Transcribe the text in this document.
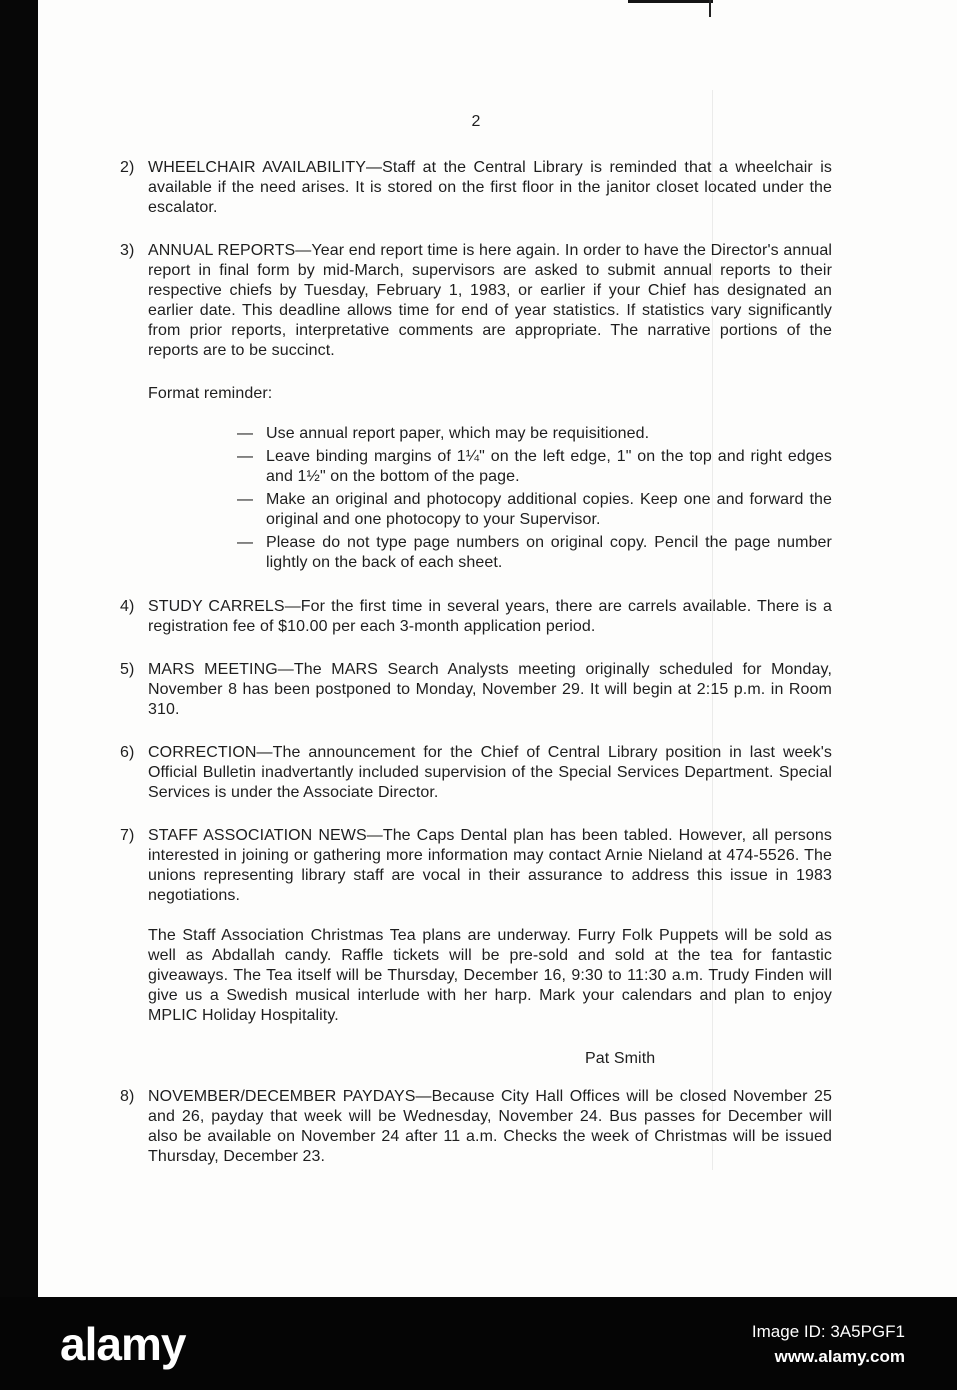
2
2) WHEELCHAIR AVAILABILITY—Staff at the Central Library is reminded that a wheelchair is available if the need arises. It is stored on the first floor in the janitor closet located under the escalator.
3) ANNUAL REPORTS—Year end report time is here again. In order to have the Director's annual report in final form by mid-March, supervisors are asked to submit annual reports to their respective chiefs by Tuesday, February 1, 1983, or earlier if your Chief has designated an earlier date. This deadline allows time for end of year statistics. If statistics vary significantly from prior reports, interpretative comments are appropriate. The narrative portions of the reports are to be succinct.

Format reminder:

— Use annual report paper, which may be requisitioned.
— Leave binding margins of 1¼" on the left edge, 1" on the top and right edges and 1½" on the bottom of the page.
— Make an original and photocopy additional copies. Keep one and forward the original and one photocopy to your Supervisor.
— Please do not type page numbers on original copy. Pencil the page number lightly on the back of each sheet.
4) STUDY CARRELS—For the first time in several years, there are carrels available. There is a registration fee of $10.00 per each 3-month application period.
5) MARS MEETING—The MARS Search Analysts meeting originally scheduled for Monday, November 8 has been postponed to Monday, November 29. It will begin at 2:15 p.m. in Room 310.
6) CORRECTION—The announcement for the Chief of Central Library position in last week's Official Bulletin inadvertantly included supervision of the Special Services Department. Special Services is under the Associate Director.
7) STAFF ASSOCIATION NEWS—The Caps Dental plan has been tabled. However, all persons interested in joining or gathering more information may contact Arnie Nieland at 474-5526. The unions representing library staff are vocal in their assurance to address this issue in 1983 negotiations.

The Staff Association Christmas Tea plans are underway. Furry Folk Puppets will be sold as well as Abdallah candy. Raffle tickets will be pre-sold and sold at the tea for fantastic giveaways. The Tea itself will be Thursday, December 16, 9:30 to 11:30 a.m. Trudy Finden will give us a Swedish musical interlude with her harp. Mark your calendars and plan to enjoy MPLIC Holiday Hospitality.

Pat Smith
8) NOVEMBER/DECEMBER PAYDAYS—Because City Hall Offices will be closed November 25 and 26, payday that week will be Wednesday, November 24. Bus passes for December will also be available on November 24 after 11 a.m. Checks the week of Christmas will be issued Thursday, December 23.
alamy	Image ID: 3A5PGF1
www.alamy.com
